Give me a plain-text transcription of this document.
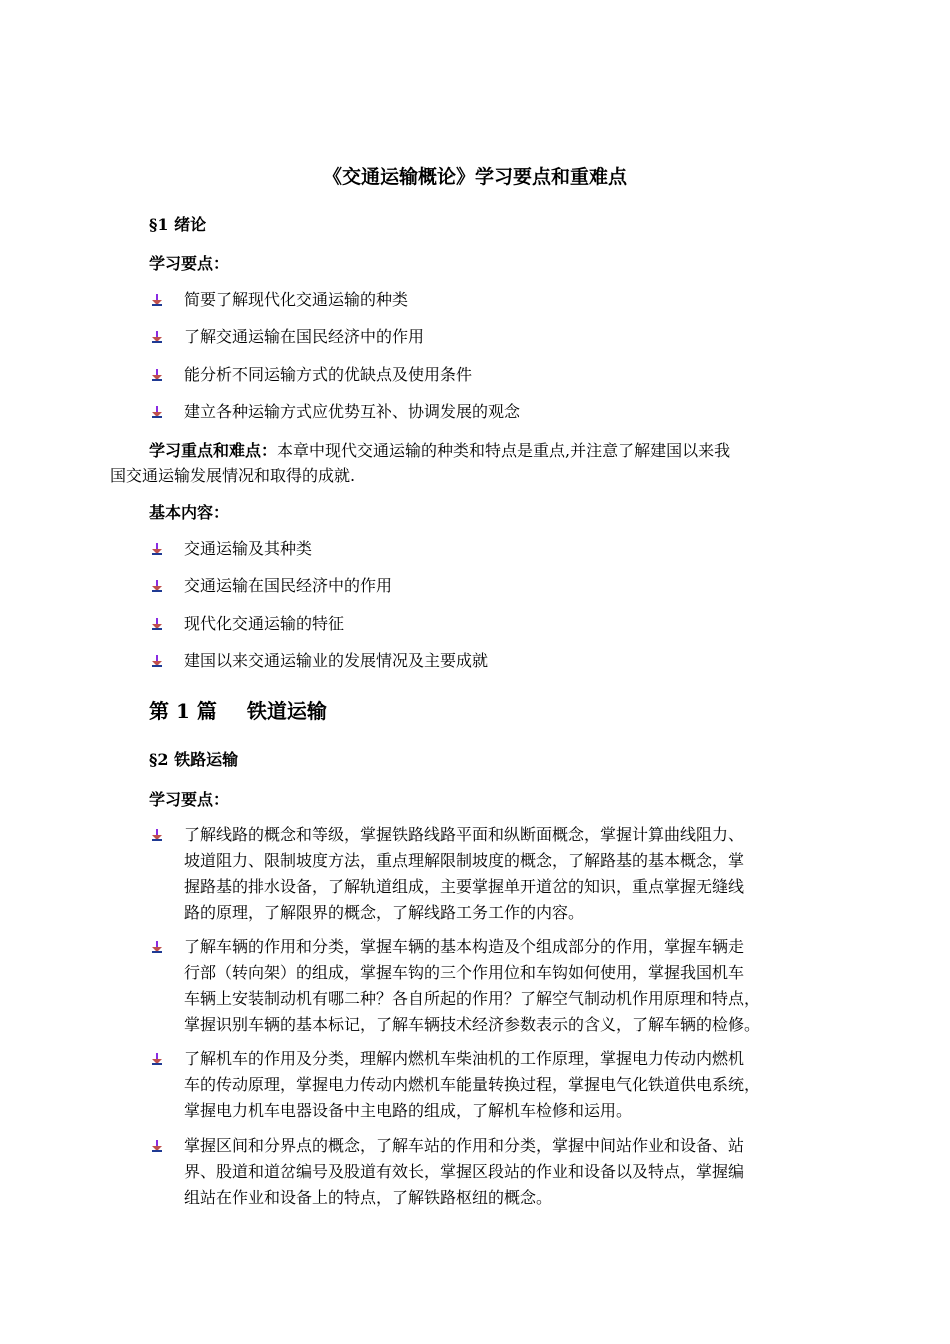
《交通运输概论》学习要点和重难点
§1 绪论
学习要点：
简要了解现代化交通运输的种类
了解交通运输在国民经济中的作用
能分析不同运输方式的优缺点及使用条件
建立各种运输方式应优势互补、协调发展的观念
学习重点和难点：本章中现代交通运输的种类和特点是重点,并注意了解建国以来我
国交通运输发展情况和取得的成就.
基本内容：
交通运输及其种类
交通运输在国民经济中的作用
现代化交通运输的特征
建国以来交通运输业的发展情况及主要成就
第 1 篇 铁道运输
§2 铁路运输
学习要点：
了解线路的概念和等级，掌握铁路线路平面和纵断面概念，掌握计算曲线阻力、
坡道阻力、限制坡度方法，重点理解限制坡度的概念，了解路基的基本概念，掌
握路基的排水设备，了解轨道组成，主要掌握单开道岔的知识，重点掌握无缝线
路的原理，了解限界的概念，了解线路工务工作的内容。
了解车辆的作用和分类，掌握车辆的基本构造及个组成部分的作用，掌握车辆走
行部（转向架）的组成，掌握车钩的三个作用位和车钩如何使用，掌握我国机车
车辆上安装制动机有哪二种？各自所起的作用？了解空气制动机作用原理和特点，
掌握识别车辆的基本标记，了解车辆技术经济参数表示的含义，了解车辆的检修。
了解机车的作用及分类，理解内燃机车柴油机的工作原理，掌握电力传动内燃机
车的传动原理，掌握电力传动内燃机车能量转换过程，掌握电气化铁道供电系统，
掌握电力机车电器设备中主电路的组成，了解机车检修和运用。
掌握区间和分界点的概念，了解车站的作用和分类，掌握中间站作业和设备、站
界、股道和道岔编号及股道有效长，掌握区段站的作业和设备以及特点，掌握编
组站在作业和设备上的特点，了解铁路枢纽的概念。
